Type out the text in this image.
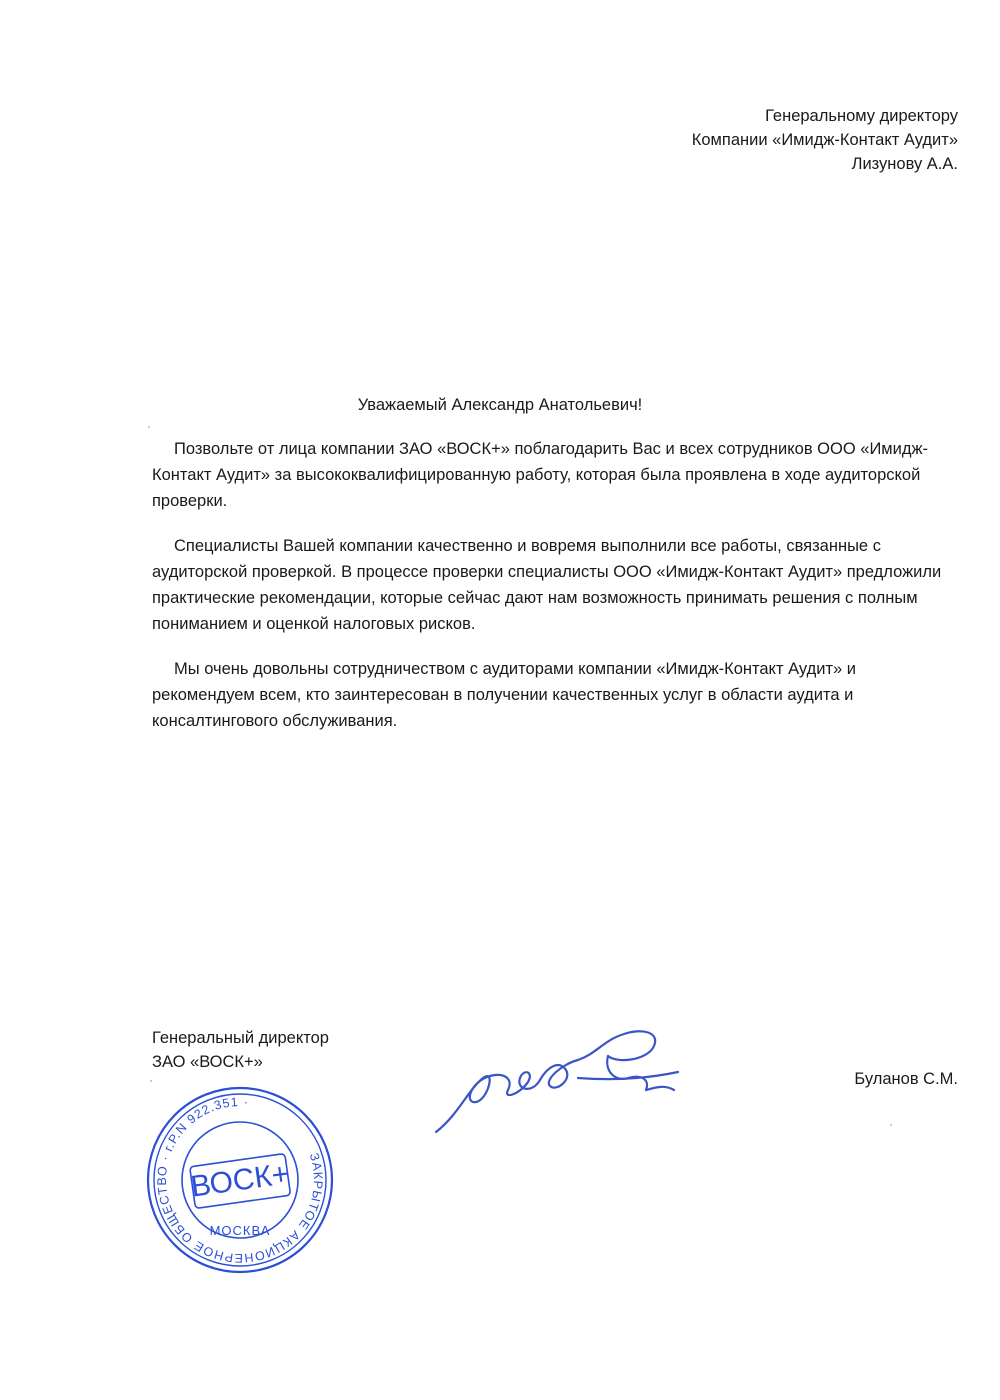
Генеральному директору
Компании «Имидж-Контакт Аудит»
Лизунову А.А.
Уважаемый Александр Анатольевич!

Позвольте от лица компании ЗАО «ВОСК+» поблагодарить Вас и всех сотрудников ООО «Имидж-Контакт Аудит» за высококвалифицированную работу, которая была проявлена в ходе аудиторской проверки.

Специалисты Вашей компании качественно и вовремя выполнили все работы, связанные с аудиторской проверкой. В процессе проверки специалисты ООО «Имидж-Контакт Аудит» предложили практические рекомендации, которые сейчас дают нам возможность принимать решения с полным пониманием и оценкой налоговых рисков.

Мы очень довольны сотрудничеством с аудиторами компании «Имидж-Контакт Аудит» и рекомендуем всем, кто заинтересован в получении качественных услуг в области аудита и консалтингового обслуживания.

Генеральный директор
ЗАО «ВОСК+»
Буланов С.М.
ЗАКРЫТОЕ АКЦИОНЕРНОЕ ОБЩЕСТВО · г.Р.N 922.351 ·
ВОСК+
МОСКВА
